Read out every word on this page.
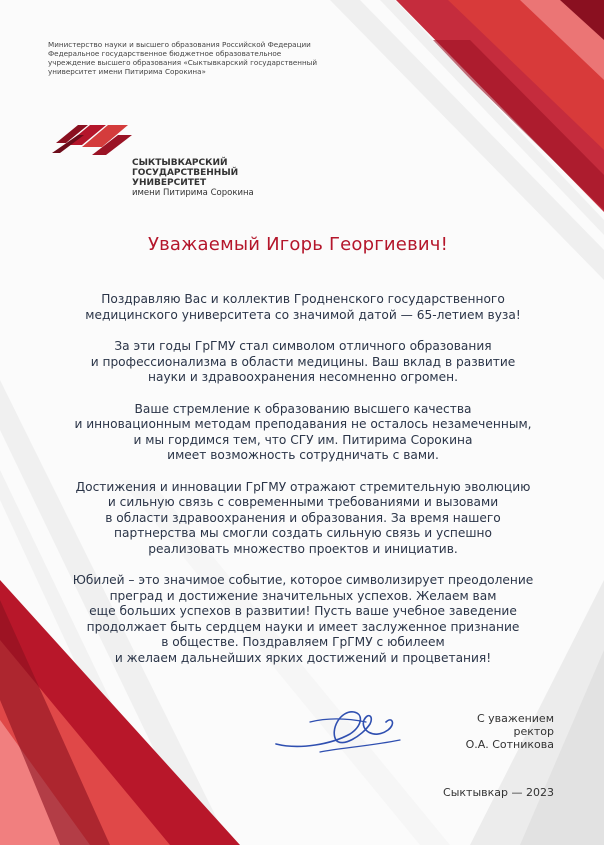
Министерство науки и высшего образования Российской Федерации
Федеральное государственное бюджетное образовательное
учреждение высшего образования «Сыктывкарский государственный
университет имени Питирима Сорокина»
СЫКТЫВКАРСКИЙ
ГОСУДАРСТВЕННЫЙ
УНИВЕРСИТЕТ
имени Питирима Сорокина
Уважаемый Игорь Георгиевич!

Поздравляю Вас и коллектив Гродненского государственного
медицинского университета со значимой датой — 65-летием вуза!

За эти годы ГрГМУ стал символом отличного образования
и профессионализма в области медицины. Ваш вклад в развитие
науки и здравоохранения несомненно огромен.

Ваше стремление к образованию высшего качества
и инновационным методам преподавания не осталось незамеченным,
и мы гордимся тем, что СГУ им. Питирима Сорокина
имеет возможность сотрудничать с вами.

Достижения и инновации ГрГМУ отражают стремительную эволюцию
и сильную связь с современными требованиями и вызовами
в области здравоохранения и образования. За время нашего
партнерства мы смогли создать сильную связь и успешно
реализовать множество проектов и инициатив.

Юбилей – это значимое событие, которое символизирует преодоление
преград и достижение значительных успехов. Желаем вам
еще больших успехов в развитии! Пусть ваше учебное заведение
продолжает быть сердцем науки и имеет заслуженное признание
в обществе. Поздравляем ГрГМУ с юбилеем
и желаем дальнейших ярких достижений и процветания!

С уважением
ректор
О.А. Сотникова
Сыктывкар — 2023
